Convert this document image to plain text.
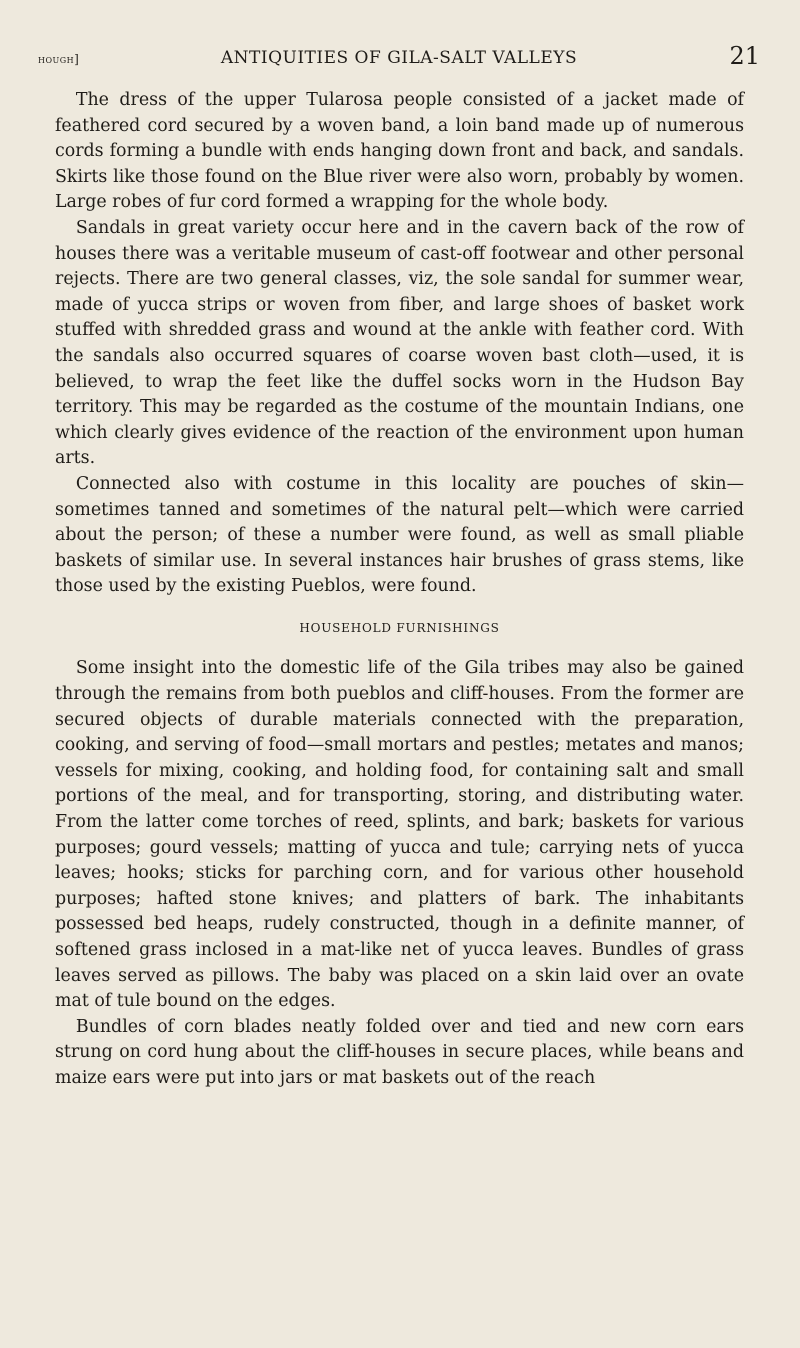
hough]	ANTIQUITIES OF GILA-SALT VALLEYS	21

The dress of the upper Tularosa people consisted of a jacket made of feathered cord secured by a woven band, a loin band made up of numerous cords forming a bundle with ends hanging down front and back, and sandals. Skirts like those found on the Blue river were also worn, probably by women. Large robes of fur cord formed a wrapping for the whole body.

Sandals in great variety occur here and in the cavern back of the row of houses there was a veritable museum of cast-off footwear and other personal rejects. There are two general classes, viz, the sole sandal for summer wear, made of yucca strips or woven from fiber, and large shoes of basket work stuffed with shredded grass and wound at the ankle with feather cord. With the sandals also occurred squares of coarse woven bast cloth—used, it is believed, to wrap the feet like the duffel socks worn in the Hudson Bay territory. This may be regarded as the costume of the mountain Indians, one which clearly gives evidence of the reaction of the environment upon human arts.

Connected also with costume in this locality are pouches of skin—sometimes tanned and sometimes of the natural pelt—which were carried about the person; of these a number were found, as well as small pliable baskets of similar use. In several instances hair brushes of grass stems, like those used by the existing Pueblos, were found.

HOUSEHOLD FURNISHINGS

Some insight into the domestic life of the Gila tribes may also be gained through the remains from both pueblos and cliff-houses. From the former are secured objects of durable materials connected with the preparation, cooking, and serving of food—small mortars and pestles; metates and manos; vessels for mixing, cooking, and holding food, for containing salt and small portions of the meal, and for transporting, storing, and distributing water. From the latter come torches of reed, splints, and bark; baskets for various purposes; gourd vessels; matting of yucca and tule; carrying nets of yucca leaves; hooks; sticks for parching corn, and for various other household purposes; hafted stone knives; and platters of bark. The inhabitants possessed bed heaps, rudely constructed, though in a definite manner, of softened grass inclosed in a mat-like net of yucca leaves. Bundles of grass leaves served as pillows. The baby was placed on a skin laid over an ovate mat of tule bound on the edges.

Bundles of corn blades neatly folded over and tied and new corn ears strung on cord hung about the cliff-houses in secure places, while beans and maize ears were put into jars or mat baskets out of the reach
